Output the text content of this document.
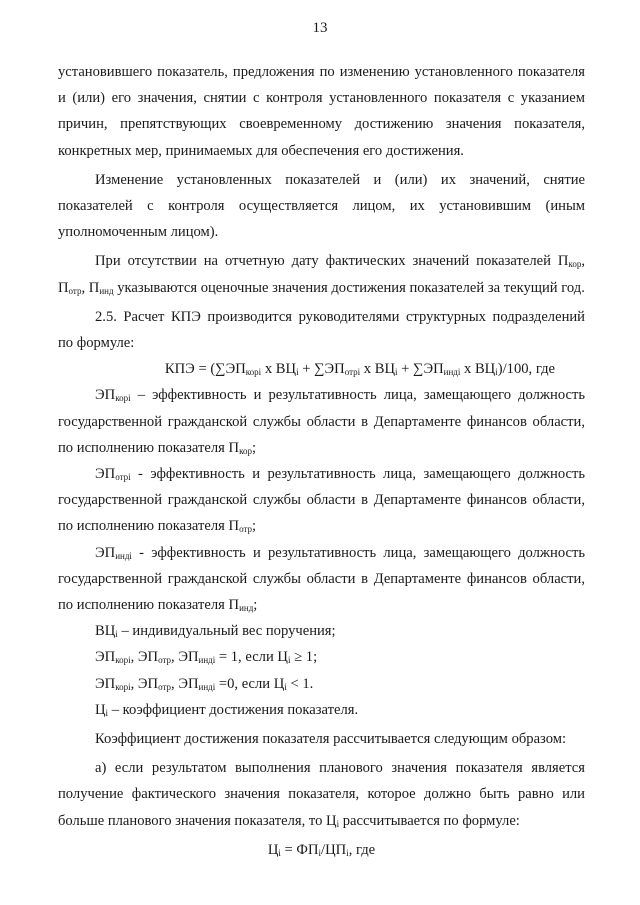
13

установившего показатель, предложения по изменению установленного показателя и (или) его значения, снятии с контроля установленного показателя с указанием причин, препятствующих своевременному достижению значения показателя, конкретных мер, принимаемых для обеспечения его достижения.

Изменение установленных показателей и (или) их значений, снятие показателей с контроля осуществляется лицом, их установившим (иным уполномоченным лицом).

При отсутствии на отчетную дату фактических значений показателей $П_{кор}$, $П_{отр}$, $П_{инд}$ указываются оценочные значения достижения показателей за текущий год.

2.5. Расчет КПЭ производится руководителями структурных подразделений по формуле:

КПЭ = ($\sum ЭП_{корi}$ х $ВЦ_i + \sum ЭП_{отрi}$ х $ВЦ_i + \sum ЭП_{индi}$ х $ВЦ_i)/100$, где

$ЭП_{корi}$ – эффективность и результативность лица, замещающего должность государственной гражданской службы области в Департаменте финансов области, по исполнению показателя $П_{кор}$;

$ЭП_{отрi}$ - эффективность и результативность лица, замещающего должность государственной гражданской службы области в Департаменте финансов области, по исполнению показателя $П_{отр}$;

$ЭП_{индi}$ - эффективность и результативность лица, замещающего должность государственной гражданской службы области в Департаменте финансов области, по исполнению показателя $П_{инд}$;

$ВЦ_i$ – индивидуальный вес поручения;

$ЭП_{корi}$, $ЭП_{отр}$, $ЭП_{индi} = 1$, если $Ц_i \ge 1$;

$ЭП_{корi}$, $ЭП_{отр}$, $ЭП_{индi} =0$, если $Ц_i < 1$.

$Ц_i$ – коэффициент достижения показателя.

Коэффициент достижения показателя рассчитывается следующим образом:

а) если результатом выполнения планового значения показателя является получение фактического значения показателя, которое должно быть равно или больше планового значения показателя, то $Ц_i$ рассчитывается по формуле:

$Ц_i = ФП_i/ЦП_i$, где
